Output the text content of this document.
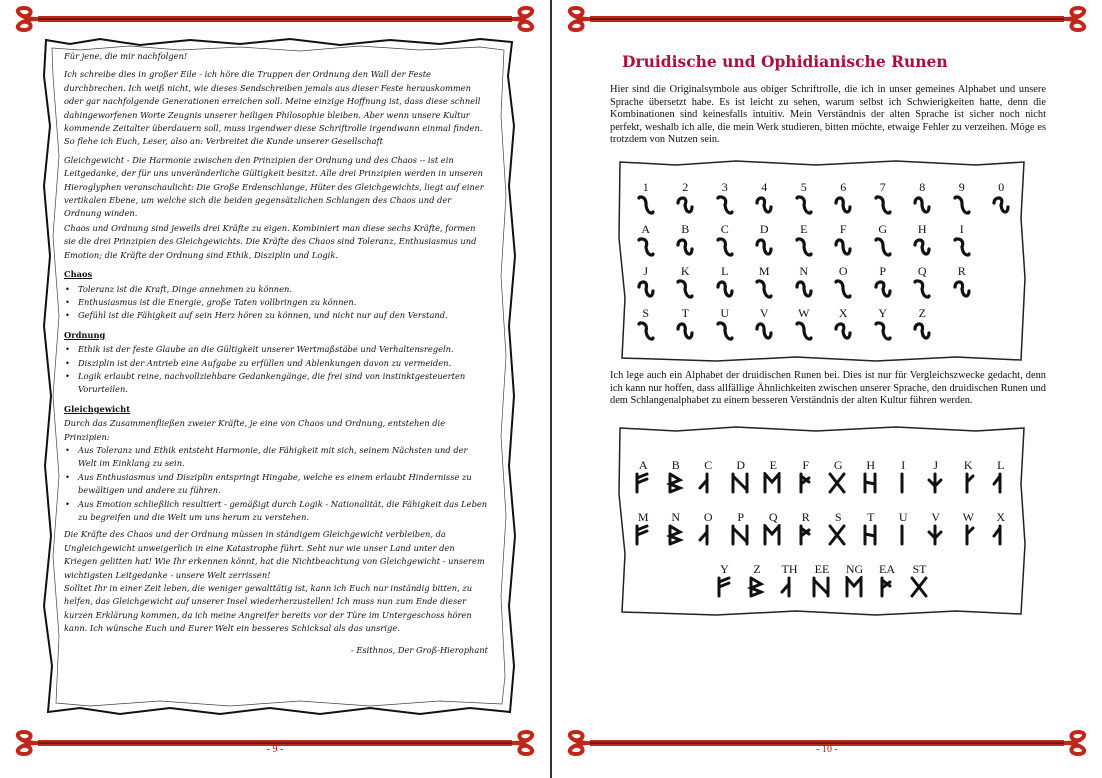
Für jene, die mir nachfolgen!

Ich schreibe dies in großer Eile - ich höre die Truppen der Ordnung den Wall der Feste durchbrechen. Ich weiß nicht, wie dieses Sendschreiben jemals aus dieser Feste herauskommen oder gar nachfolgende Generationen erreichen soll. Meine einzige Hoffnung ist, dass diese schnell dahingeworfenen Worte Zeugnis unserer heiligen Philosophie bleiben. Aber wenn unsere Kultur kommende Zeitalter überdauern soll, muss irgendwer diese Schriftrolle irgendwann einmal finden. So flehe ich Euch, Leser, also an: Verbreitet die Kunde unserer Gesellschaft

Gleichgewicht - Die Harmonie zwischen den Prinzipien der Ordnung und des Chaos -- ist ein Leitgedanke, der für uns unveränderliche Gültigkeit besitzt. Alle drei Prinzipien werden in unseren Hieroglyphen veranschaulicht: Die Große Erdenschlange, Hüter des Gleichgewichts, liegt auf einer vertikalen Ebene, um welche sich die beiden gegensätzlichen Schlangen des Chaos und der Ordnung winden.

Chaos und Ordnung sind jeweils drei Kräfte zu eigen. Kombiniert man diese sechs Kräfte, formen sie die drei Prinzipien des Gleichgewichts. Die Kräfte des Chaos sind Toleranz, Enthusiasmus und Emotion; die Kräfte der Ordnung sind Ethik, Disziplin und Logik.

Chaos
• Toleranz ist die Kraft, Dinge annehmen zu können.
• Enthusiasmus ist die Energie, große Taten vollbringen zu können.
• Gefühl ist die Fähigkeit auf sein Herz hören zu können, und nicht nur auf den Verstand.
Ordnung
• Ethik ist der feste Glaube an die Gültigkeit unserer Wertmaßstäbe und Verhaltensregeln.
• Disziplin ist der Antrieb eine Aufgabe zu erfüllen und Ablenkungen davon zu vermeiden.
• Logik erlaubt reine, nachvollziehbare Gedankengänge, die frei sind von instinktgesteuerten Vorurteilen.
Gleichgewicht

Durch das Zusammenfließen zweier Kräfte, je eine von Chaos und Ordnung, entstehen die Prinzipien:

• Aus Toleranz und Ethik entsteht Harmonie, die Fähigkeit mit sich, seinem Nächsten und der Welt im Einklang zu sein.
• Aus Enthusiasmus und Disziplin entspringt Hingabe, welche es einem erlaubt Hindernisse zu bewältigen und andere zu führen.
• Aus Emotion schließlich resultiert - gemäßigt durch Logik - Nationalität, die Fähigkeit das Leben zu begreifen und die Welt um uns herum zu verstehen.

Die Kräfte des Chaos und der Ordnung müssen in ständigem Gleichgewicht verbleiben, da Ungleichgewicht unweigerlich in eine Katastrophe führt. Seht nur wie unser Land unter den Kriegen gelitten hat! Wie Ihr erkennen könnt, hat die Nichtbeachtung von Gleichgewicht - unserem wichtigsten Leitgedanke - unsere Welt zerrissen!

Solltet Ihr in einer Zeit leben, die weniger gewalttätig ist, kann ich Euch nur inständig bitten, zu helfen, das Gleichgewicht auf unserer Insel wiederherzustellen! Ich muss nun zum Ende dieser kurzen Erklärung kommen, da ich meine Angreifer bereits vor der Türe im Untergeschoss hören kann. Ich wünsche Euch und Eurer Welt ein besseres Schicksal als das unsrige.

- Esithnos, Der Groß-Hierophant
- 9 -
Druidische und Ophidianische Runen
Hier sind die Originalsymbole aus obiger Schriftrolle, die ich in unser gemeines Alphabet und unsere Sprache übersetzt habe. Es ist leicht zu sehen, warum selbst ich Schwierigkeiten hatte, denn die Kombinationen sind keinesfalls intuitiv. Mein Verständnis der alten Sprache ist sicher noch nicht perfekt, weshalb ich alle, die mein Werk studieren, bitten möchte, etwaige Fehler zu verzeihen. Möge es trotzdem von Nutzen sein.
1	2	3	4	5	6	7	8	9	0
A	B	C	D	E	F	G	H	I
J	K	L	M	N	O	P	Q	R
S	T	U	V	W	X	Y	Z
Ich lege auch ein Alphabet der druidischen Runen bei. Dies ist nur für Vergleichszwecke gedacht, denn ich kann nur hoffen, dass allfällige Ähnlichkeiten zwischen unserer Sprache, den druidischen Runen und dem Schlangenalphabet zu einem besseren Verständnis der alten Kultur führen werden.
A	B	C	D	E	F	G	H	I	J	K	L
M	N	O	P	Q	R	S	T	U	V	W	X
Y	Z	TH	EE	NG	EA	ST
- 10 -
